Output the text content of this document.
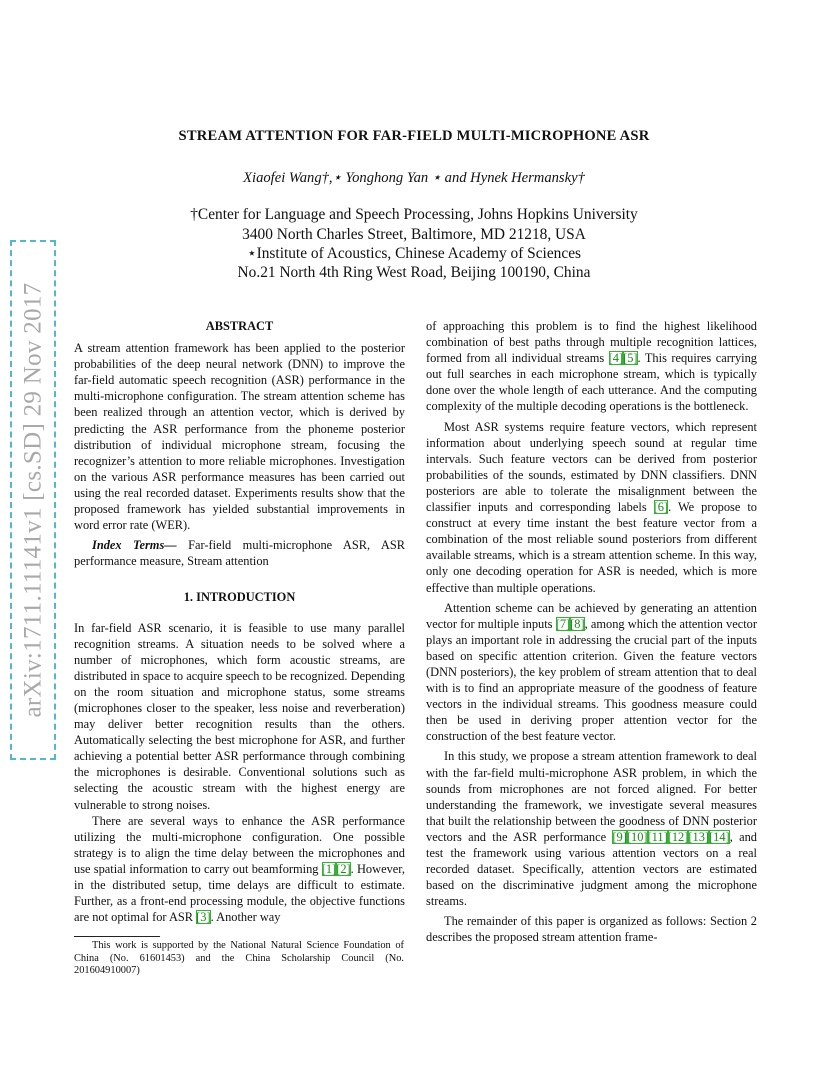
arXiv:1711.11141v1 [cs.SD] 29 Nov 2017
STREAM ATTENTION FOR FAR-FIELD MULTI-MICROPHONE ASR
Xiaofei Wang†,⋆ Yonghong Yan ⋆ and Hynek Hermansky†
†Center for Language and Speech Processing, Johns Hopkins University
3400 North Charles Street, Baltimore, MD 21218, USA
⋆Institute of Acoustics, Chinese Academy of Sciences
No.21 North 4th Ring West Road, Beijing 100190, China

ABSTRACT

A stream attention framework has been applied to the posterior probabilities of the deep neural network (DNN) to improve the far-field automatic speech recognition (ASR) performance in the multi-microphone configuration. The stream attention scheme has been realized through an attention vector, which is derived by predicting the ASR performance from the phoneme posterior distribution of individual microphone stream, focusing the recognizer’s attention to more reliable microphones. Investigation on the various ASR performance measures has been carried out using the real recorded dataset. Experiments results show that the proposed framework has yielded substantial improvements in word error rate (WER).

Index Terms— Far-field multi-microphone ASR, ASR performance measure, Stream attention

1. INTRODUCTION

In far-field ASR scenario, it is feasible to use many parallel recognition streams. A situation needs to be solved where a number of microphones, which form acoustic streams, are distributed in space to acquire speech to be recognized. Depending on the room situation and microphone status, some streams (microphones closer to the speaker, less noise and reverberation) may deliver better recognition results than the others. Automatically selecting the best microphone for ASR, and further achieving a potential better ASR performance through combining the microphones is desirable. Conventional solutions such as selecting the acoustic stream with the highest energy are vulnerable to strong noises.

There are several ways to enhance the ASR performance utilizing the multi-microphone configuration. One possible strategy is to align the time delay between the microphones and use spatial information to carry out beamforming [1][2]. However, in the distributed setup, time delays are difficult to estimate. Further, as a front-end processing module, the objective functions are not optimal for ASR [3]. Another way

This work is supported by the National Natural Science Foundation of China (No. 61601453) and the China Scholarship Council (No. 201604910007)

of approaching this problem is to find the highest likelihood combination of best paths through multiple recognition lattices, formed from all individual streams [4][5]. This requires carrying out full searches in each microphone stream, which is typically done over the whole length of each utterance. And the computing complexity of the multiple decoding operations is the bottleneck.

Most ASR systems require feature vectors, which represent information about underlying speech sound at regular time intervals. Such feature vectors can be derived from posterior probabilities of the sounds, estimated by DNN classifiers. DNN posteriors are able to tolerate the misalignment between the classifier inputs and corresponding labels [6]. We propose to construct at every time instant the best feature vector from a combination of the most reliable sound posteriors from different available streams, which is a stream attention scheme. In this way, only one decoding operation for ASR is needed, which is more effective than multiple operations.

Attention scheme can be achieved by generating an attention vector for multiple inputs [7][8], among which the attention vector plays an important role in addressing the crucial part of the inputs based on specific attention criterion. Given the feature vectors (DNN posteriors), the key problem of stream attention that to deal with is to find an appropriate measure of the goodness of feature vectors in the individual streams. This goodness measure could then be used in deriving proper attention vector for the construction of the best feature vector.

In this study, we propose a stream attention framework to deal with the far-field multi-microphone ASR problem, in which the sounds from microphones are not forced aligned. For better understanding the framework, we investigate several measures that built the relationship between the goodness of DNN posterior vectors and the ASR performance [9][10][11][12][13][14], and test the framework using various attention vectors on a real recorded dataset. Specifically, attention vectors are estimated based on the discriminative judgment among the microphone streams.

The remainder of this paper is organized as follows: Section 2 describes the proposed stream attention frame-
